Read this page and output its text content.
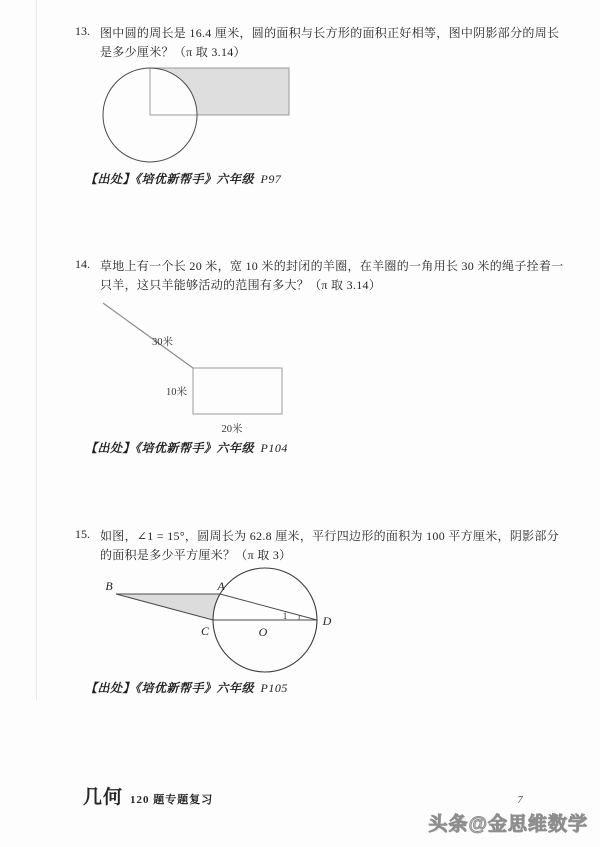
13. 图中圆的周长是 16.4 厘米，圆的面积与长方形的面积正好相等，图中阴影部分的周长
是多少厘米？（π 取 3.14）
【出处】《培优新帮手》六年级 P97
14. 草地上有一个长 20 米，宽 10 米的封闭的羊圈，在羊圈的一角用长 30 米的绳子拴着一
只羊，这只羊能够活动的范围有多大？（π 取 3.14）
30米
10米
20米
【出处】《培优新帮手》六年级 P104
15. 如图，∠1 = 15°，圆周长为 62.8 厘米，平行四边形的面积为 100 平方厘米，阴影部分
的面积是多少平方厘米？（π 取 3）
B	A
C	O
D
1
【出处】《培优新帮手》六年级 P105
几何 120 题专题复习	7
头条@金思维数学
